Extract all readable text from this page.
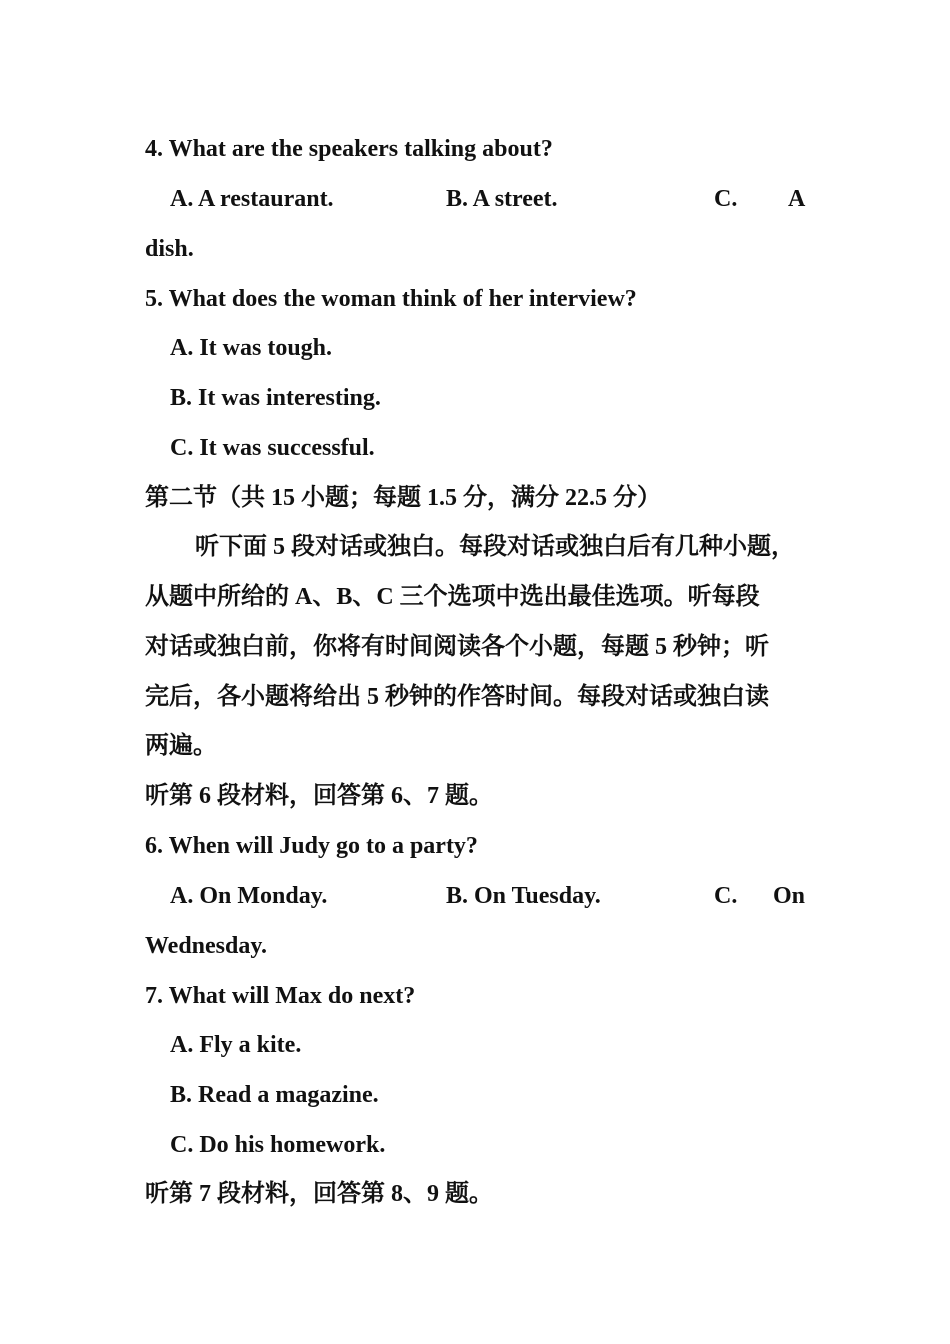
4. What are the speakers talking about?
A. A restaurant.	B. A street.	C. A
dish.
5. What does the woman think of her interview?
A. It was tough.
B. It was interesting.
C. It was successful.
第二节（共 15 小题；每题 1.5 分，满分 22.5 分）
听下面 5 段对话或独白。每段对话或独白后有几种小题，
从题中所给的 A、B、C 三个选项中选出最佳选项。听每段
对话或独白前，你将有时间阅读各个小题，每题 5 秒钟；听
完后，各小题将给出 5 秒钟的作答时间。每段对话或独白读
两遍。
听第 6 段材料，回答第 6、7 题。
6. When will Judy go to a party?
A. On Monday.	B. On Tuesday.	C. On
Wednesday.
7. What will Max do next?
A. Fly a kite.
B. Read a magazine.
C. Do his homework.
听第 7 段材料，回答第 8、9 题。
